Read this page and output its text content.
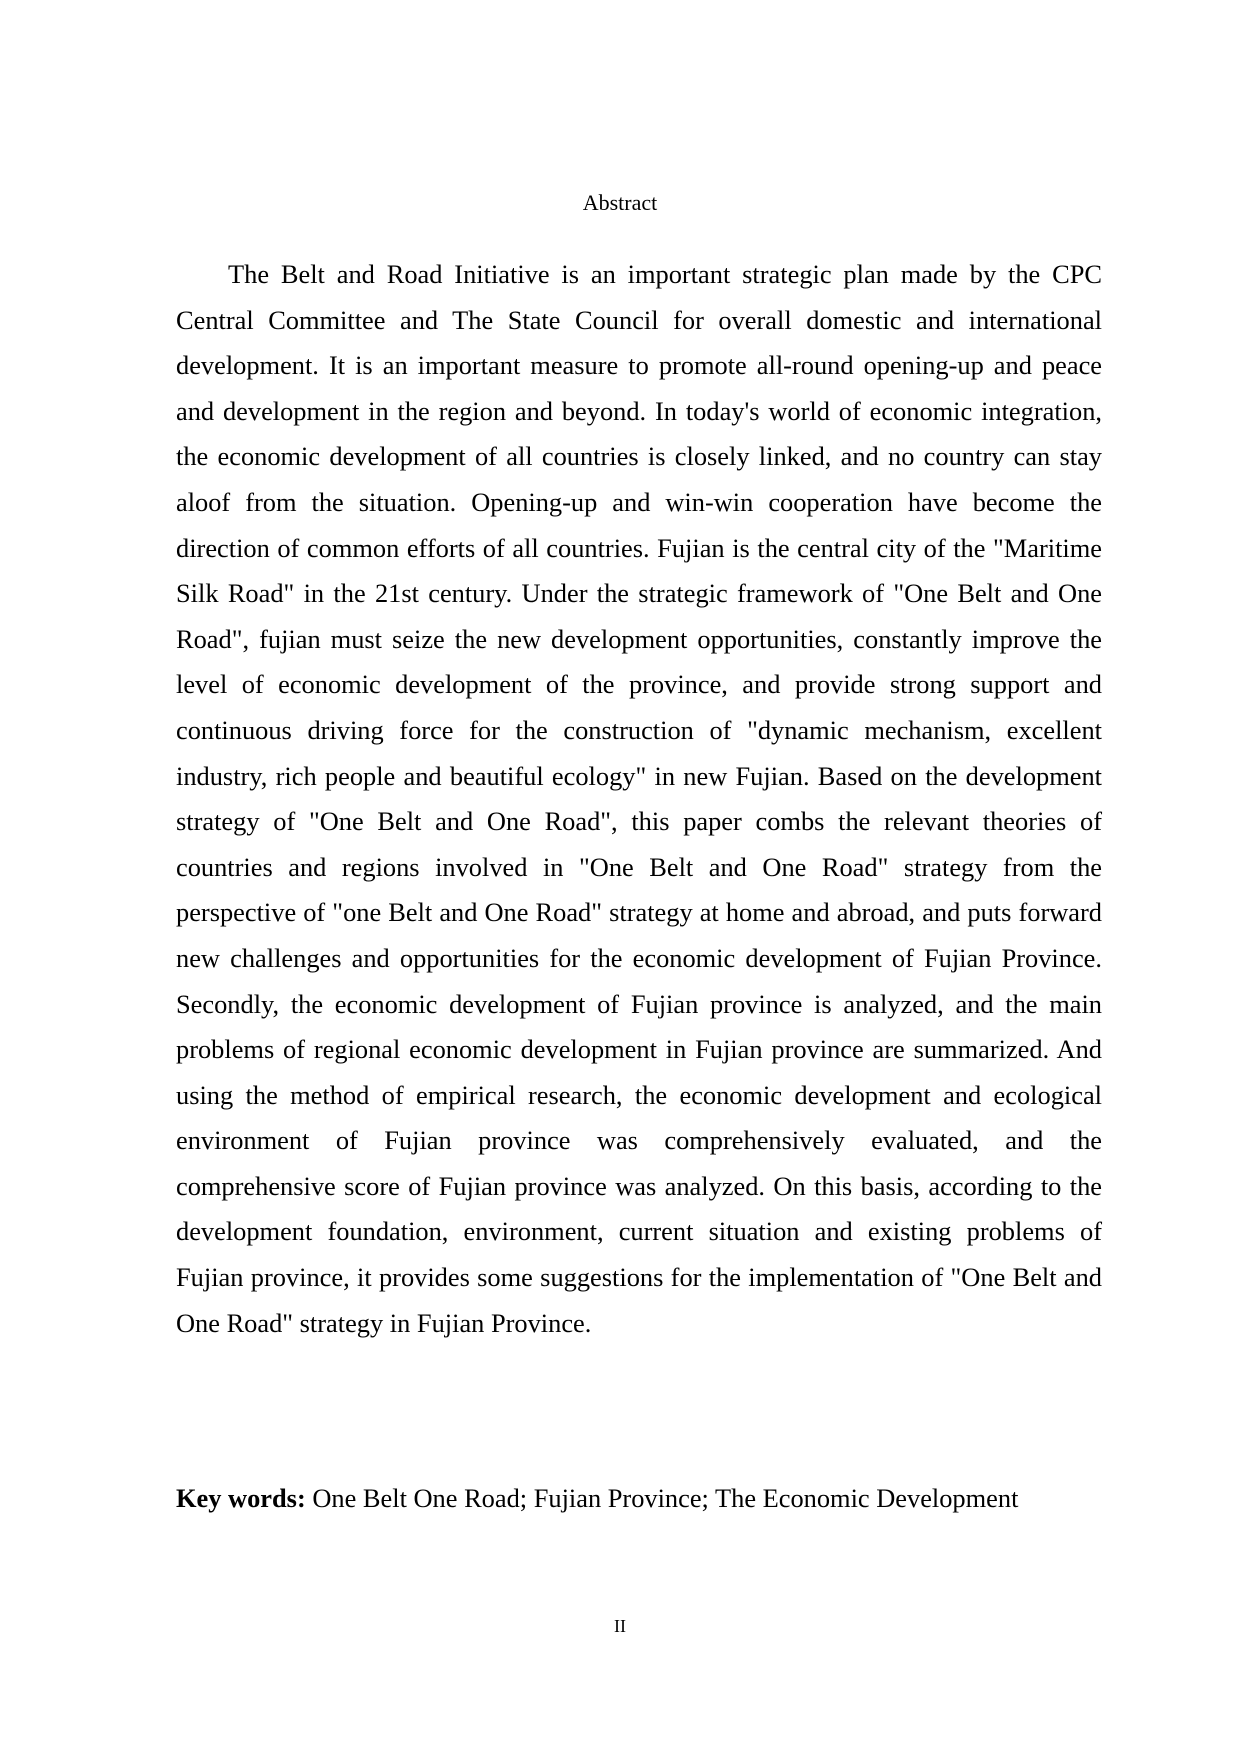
Abstract

The Belt and Road Initiative is an important strategic plan made by the CPC Central Committee and The State Council for overall domestic and international development. It is an important measure to promote all-round opening-up and peace and development in the region and beyond. In today's world of economic integration, the economic development of all countries is closely linked, and no country can stay aloof from the situation. Opening-up and win-win cooperation have become the direction of common efforts of all countries. Fujian is the central city of the "Maritime Silk Road" in the 21st century. Under the strategic framework of "One Belt and One Road", fujian must seize the new development opportunities, constantly improve the level of economic development of the province, and provide strong support and continuous driving force for the construction of "dynamic mechanism, excellent industry, rich people and beautiful ecology" in new Fujian. Based on the development strategy of "One Belt and One Road", this paper combs the relevant theories of countries and regions involved in "One Belt and One Road" strategy from the perspective of "one Belt and One Road" strategy at home and abroad, and puts forward new challenges and opportunities for the economic development of Fujian Province. Secondly, the economic development of Fujian province is analyzed, and the main problems of regional economic development in Fujian province are summarized. And using the method of empirical research, the economic development and ecological environment of Fujian province was comprehensively evaluated, and the comprehensive score of Fujian province was analyzed. On this basis, according to the development foundation, environment, current situation and existing problems of Fujian province, it provides some suggestions for the implementation of "One Belt and One Road" strategy in Fujian Province.

Key words: One Belt One Road; Fujian Province; The Economic Development

II
